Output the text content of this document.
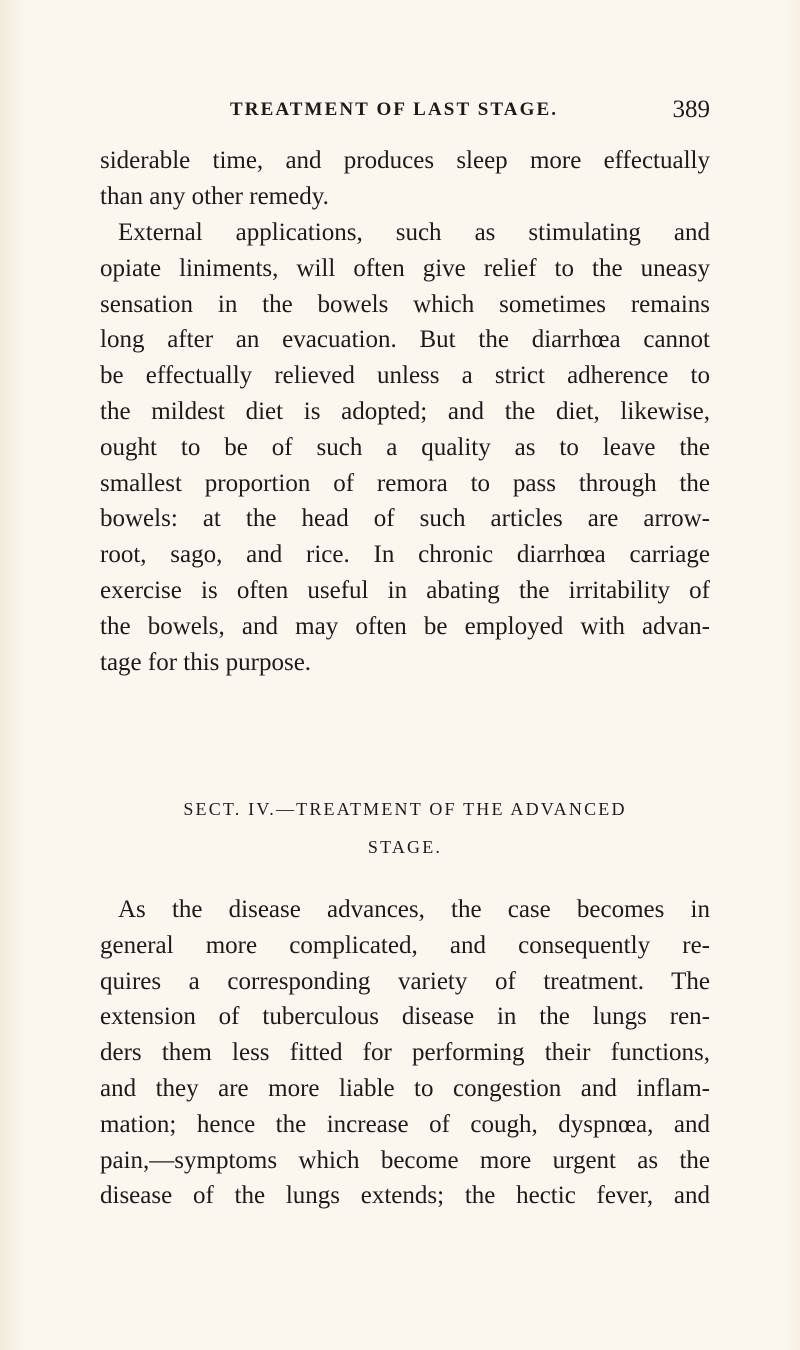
TREATMENT OF LAST STAGE.	389
siderable time, and produces sleep more effectually
than any other remedy.
External applications, such as stimulating and
opiate liniments, will often give relief to the uneasy
sensation in the bowels which sometimes remains
long after an evacuation. But the diarrhœa cannot
be effectually relieved unless a strict adherence to
the mildest diet is adopted; and the diet, likewise,
ought to be of such a quality as to leave the
smallest proportion of remora to pass through the
bowels: at the head of such articles are arrow-
root, sago, and rice. In chronic diarrhœa carriage
exercise is often useful in abating the irritability of
the bowels, and may often be employed with advan-
tage for this purpose.
SECT. IV.—TREATMENT OF THE ADVANCED
STAGE.
As the disease advances, the case becomes in
general more complicated, and consequently re-
quires a corresponding variety of treatment. The
extension of tuberculous disease in the lungs ren-
ders them less fitted for performing their functions,
and they are more liable to congestion and inflam-
mation; hence the increase of cough, dyspnœa, and
pain,—symptoms which become more urgent as the
disease of the lungs extends; the hectic fever, and
